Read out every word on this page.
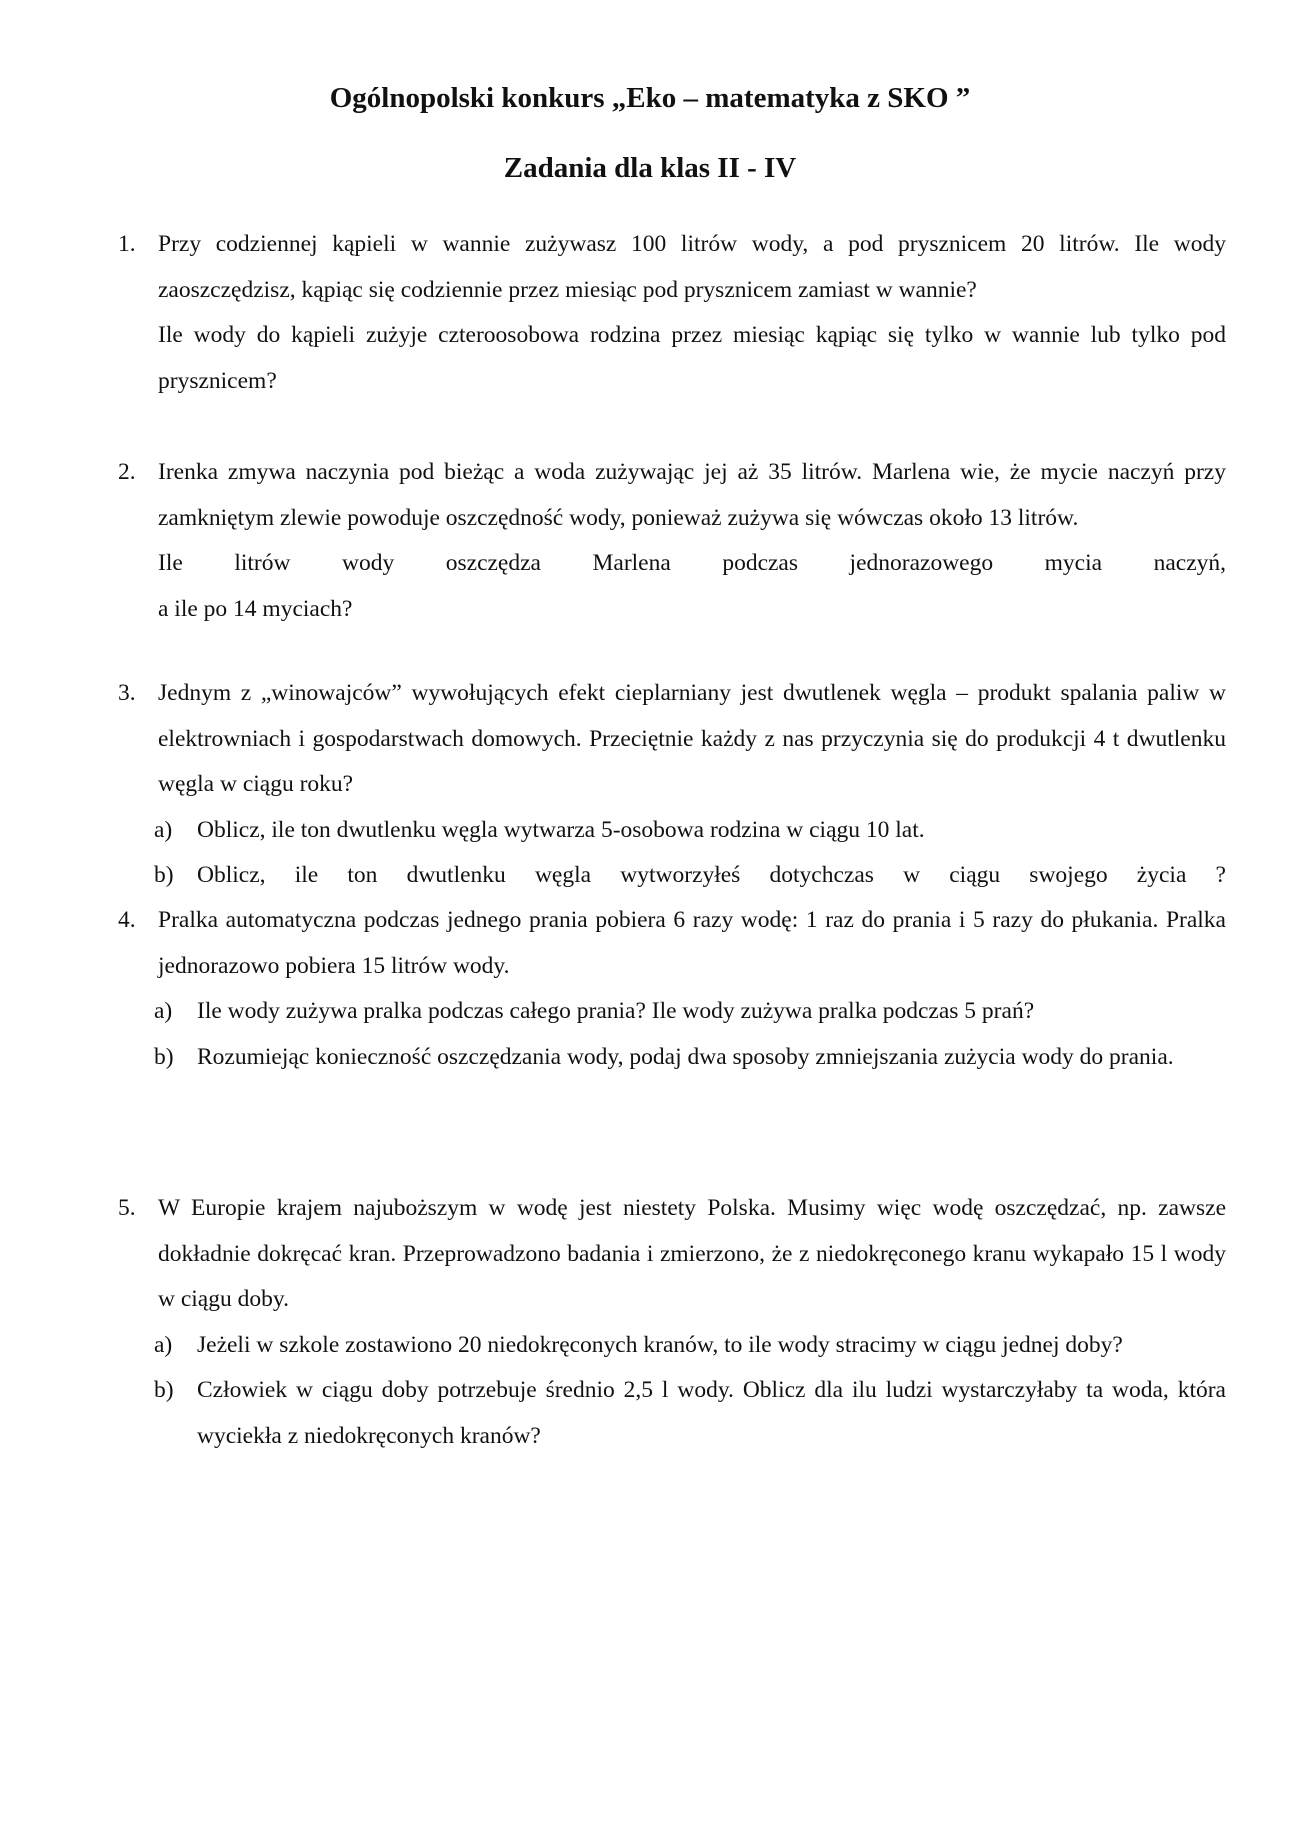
Ogólnopolski konkurs „Eko – matematyka z SKO ”
Zadania dla klas II - IV
1. Przy codziennej kąpieli w wannie zużywasz 100 litrów wody, a pod prysznicem 20 litrów. Ile wody zaoszczędzisz, kąpiąc się codziennie przez miesiąc pod prysznicem zamiast w wannie?

Ile wody do kąpieli zużyje czteroosobowa rodzina przez miesiąc kąpiąc się tylko w wannie lub tylko pod prysznicem?

2. Irenka zmywa naczynia pod bieżąc a woda zużywając jej aż 35 litrów. Marlena wie, że mycie naczyń przy zamkniętym zlewie powoduje oszczędność wody, ponieważ zużywa się wówczas około 13 litrów.

Ile litrów wody oszczędza Marlena podczas jednorazowego mycia naczyń,

a ile po 14 myciach?

3. Jednym z „winowajców” wywołujących efekt cieplarniany jest dwutlenek węgla – produkt spalania paliw w elektrowniach i gospodarstwach domowych. Przeciętnie każdy z nas przyczynia się do produkcji 4 t dwutlenku węgla w ciągu roku?

a) Oblicz, ile ton dwutlenku węgla wytwarza 5-osobowa rodzina w ciągu 10 lat.
b) Oblicz, ile ton dwutlenku węgla wytworzyłeś dotychczas w ciągu swojego życia ?
4. Pralka automatyczna podczas jednego prania pobiera 6 razy wodę: 1 raz do prania i 5 razy do płukania. Pralka jednorazowo pobiera 15 litrów wody.

a) Ile wody zużywa pralka podczas całego prania? Ile wody zużywa pralka podczas 5 prań?
b) Rozumiejąc konieczność oszczędzania wody, podaj dwa sposoby zmniejszania zużycia wody do prania.
5. W Europie krajem najuboższym w wodę jest niestety Polska. Musimy więc wodę oszczędzać, np. zawsze dokładnie dokręcać kran. Przeprowadzono badania i zmierzono, że z niedokręconego kranu wykapało 15 l wody w ciągu doby.

a) Jeżeli w szkole zostawiono 20 niedokręconych kranów, to ile wody stracimy w ciągu jednej doby?
b) Człowiek w ciągu doby potrzebuje średnio 2,5 l wody. Oblicz dla ilu ludzi wystarczyłaby ta woda, która wyciekła z niedokręconych kranów?
